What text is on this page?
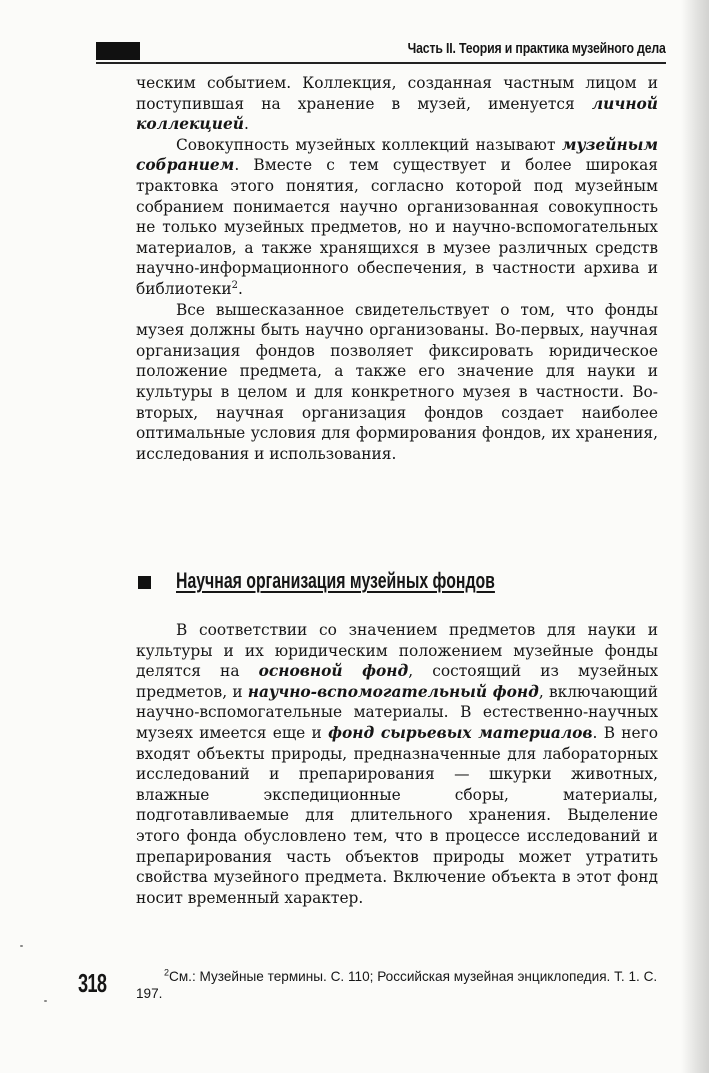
Часть II. Теория и практика музейного дела

ческим событием. Коллекция, созданная частным лицом и поступившая на хранение в музей, именуется личной коллекцией.

Совокупность музейных коллекций называют музейным собранием. Вместе с тем существует и более широкая трактовка этого понятия, согласно которой под музейным собранием понимается научно организованная совокупность не только музейных предметов, но и научно-вспомогательных материалов, а также хранящихся в музее различных средств научно-информационного обеспечения, в частности архива и библиотеки$^2$.

Все вышесказанное свидетельствует о том, что фонды музея должны быть научно организованы. Во-первых, научная организация фондов позволяет фиксировать юридическое положение предмета, а также его значение для науки и культуры в целом и для конкретного музея в частности. Во-вторых, научная организация фондов создает наиболее оптимальные условия для формирования фондов, их хранения, исследования и использования.

Научная организация музейных фондов

В соответствии со значением предметов для науки и культуры и их юридическим положением музейные фонды делятся на основной фонд, состоящий из музейных предметов, и научно-вспомогательный фонд, включающий научно-вспомогательные материалы. В естественно-научных музеях имеется еще и фонд сырьевых материалов. В него входят объекты природы, предназначенные для лабораторных исследований и препарирования — шкурки животных, влажные экспедиционные сборы, материалы, подготавливаемые для длительного хранения. Выделение этого фонда обусловлено тем, что в процессе исследований и препарирования часть объектов природы может утратить свойства музейного предмета. Включение объекта в этот фонд носит временный характер.

318	$^2$См.: Музейные термины. С. 110; Российская музейная энциклопедия. Т. 1. С. 197.
